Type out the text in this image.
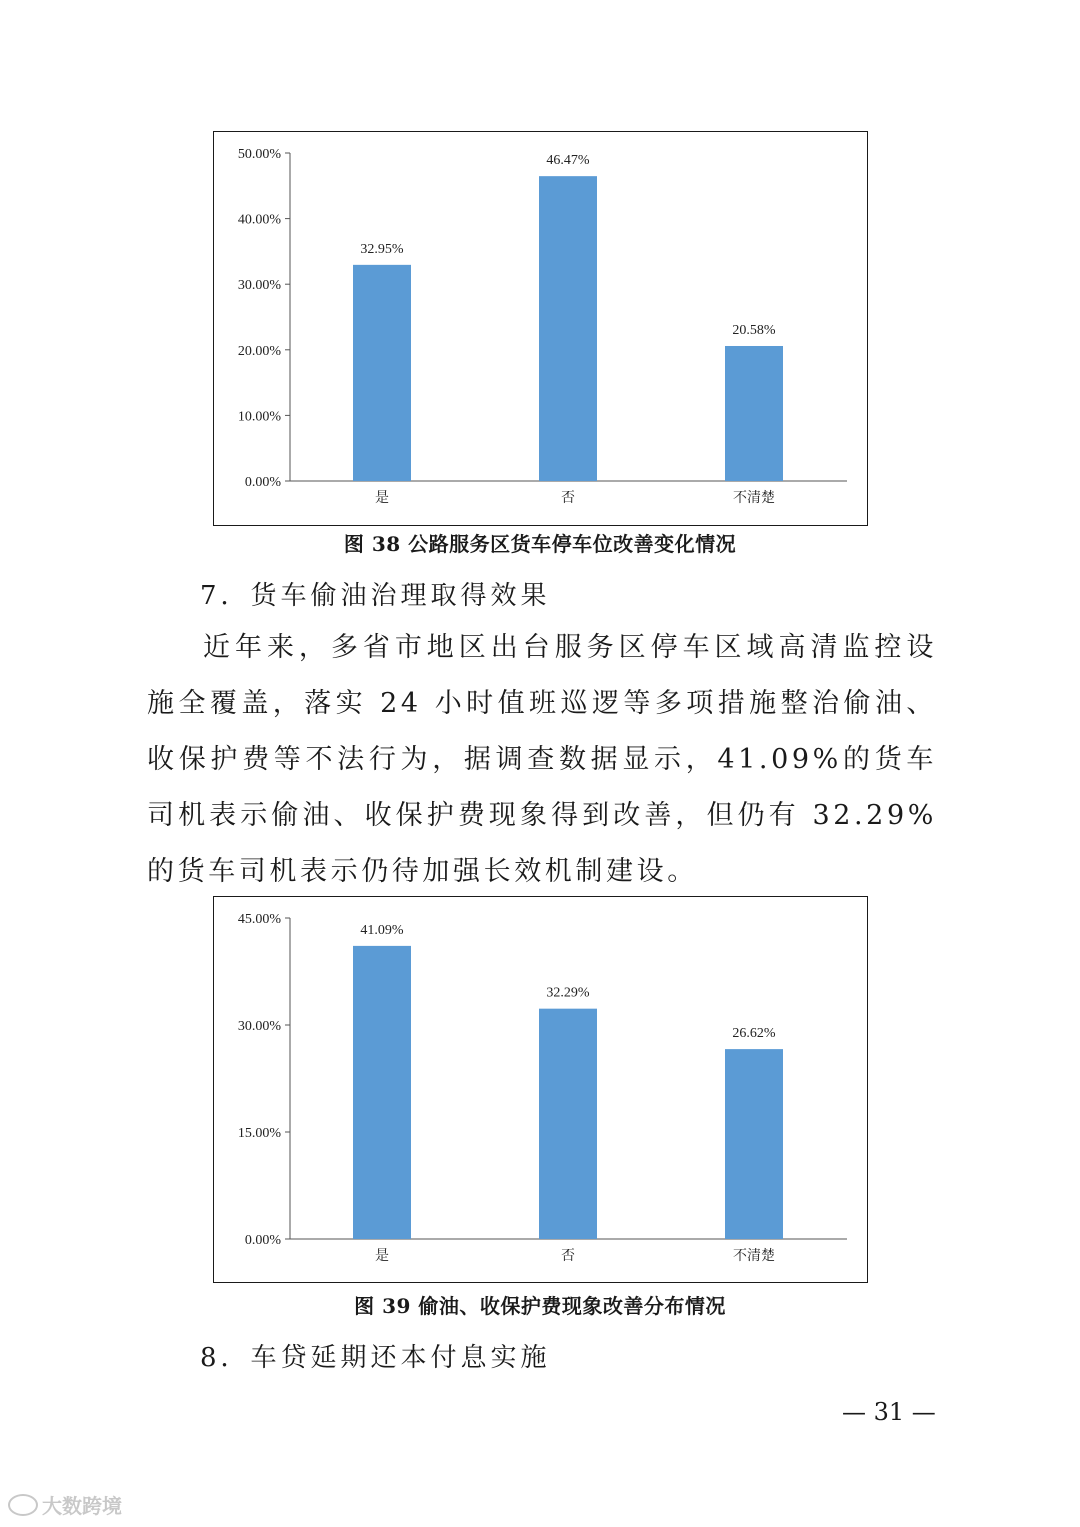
0.00%
10.00%
20.00%
30.00%
40.00%
50.00%
32.95%
是
46.47%
否
20.58%
不清楚
图 38 公路服务区货车停车位改善变化情况
7．货车偷油治理取得效果

近年来，多省市地区出台服务区停车区域高清监控设施全覆盖，落实 24 小时值班巡逻等多项措施整治偷油、收保护费等不法行为，据调查数据显示，41.09%的货车司机表示偷油、收保护费现象得到改善，但仍有 32.29%的货车司机表示仍待加强长效机制建设。

0.00%
15.00%
30.00%
45.00%
41.09%
是
32.29%
否
26.62%
不清楚
图 39 偷油、收保护费现象改善分布情况
8．车贷延期还本付息实施
— 31 —
大数跨境
